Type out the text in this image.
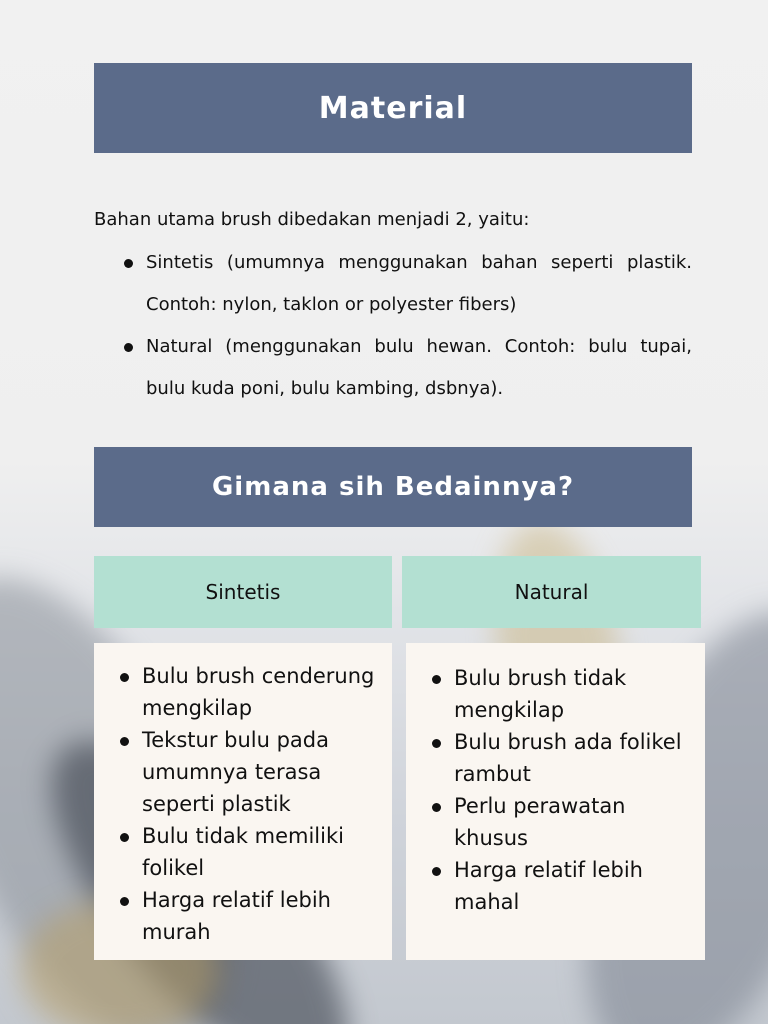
Material

Bahan utama brush dibedakan menjadi 2, yaitu:

Sintetis (umumnya menggunakan bahan seperti plastik. Contoh: nylon, taklon or polyester fibers)
Natural (menggunakan bulu hewan. Contoh: bulu tupai, bulu kuda poni, bulu kambing, dsbnya).
Gimana sih Bedainnya?
Sintetis	Natural
Bulu brush cenderung mengkilap
Tekstur bulu pada umumnya terasa seperti plastik
Bulu tidak memiliki folikel
Harga relatif lebih murah
Bulu brush tidak mengkilap
Bulu brush ada folikel rambut
Perlu perawatan khusus
Harga relatif lebih mahal
